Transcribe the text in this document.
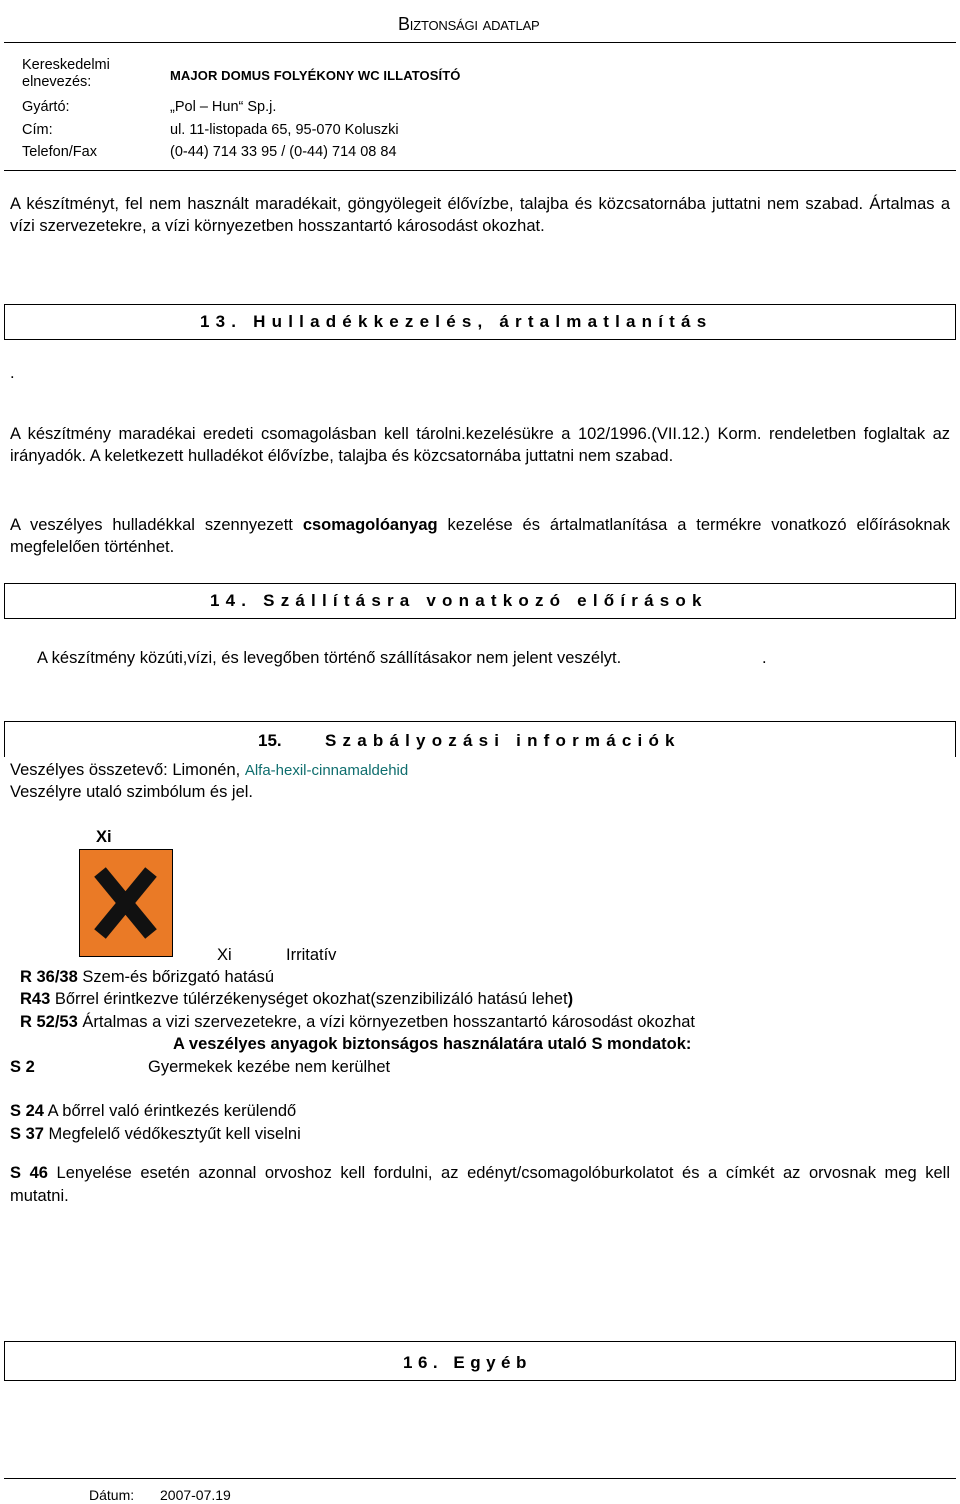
Biztonsági adatlap
Kereskedelmi
elnevezés:	MAJOR DOMUS FOLYÉKONY WC ILLATOSÍTÓ
Gyártó:	„Pol – Hun“ Sp.j.
Cím:	ul. 11-listopada 65, 95-070 Koluszki
Telefon/Fax	(0-44) 714 33 95 / (0-44) 714 08 84

A készítményt, fel nem használt maradékait, göngyölegeit élővízbe, talajba és közcsatornába juttatni nem szabad. Ártalmas a vízi szervezetekre, a vízi környezetben hosszantartó károsodást okozhat.

13. Hulladékkezelés, ártalmatlanítás
.

A készítmény maradékai eredeti csomagolásban kell tárolni.kezelésükre a 102/1996.(VII.12.) Korm. rendeletben foglaltak az irányadók. A keletkezett hulladékot élővízbe, talajba és közcsatornába juttatni nem szabad.

A veszélyes hulladékkal szennyezett csomagolóanyag kezelése és ártalmatlanítása a termékre vonatkozó előírásoknak megfelelően történhet.

14. Szállításra vonatkozó előírások
A készítmény közúti,vízi, és levegőben történő szállításakor nem jelent veszélyt.	.
15.	Szabályozási információk
Veszélyes összetevő: Limonén, Alfa-hexil-cinnamaldehid
Veszélyre utaló szimbólum és jel.
Xi
Xi	Irritatív
R 36/38 Szem-és bőrizgató hatású
R43 Bőrrel érintkezve túlérzékenységet okozhat(szenzibilizáló hatású lehet)
R 52/53 Ártalmas a vizi szervezetekre, a vízi környezetben hosszantartó károsodást okozhat
A veszélyes anyagok biztonságos használatára utaló S mondatok:
S 2	Gyermekek kezébe nem kerülhet
S 24 A bőrrel való érintkezés kerülendő
S 37 Megfelelő védőkesztyűt kell viselni

S 46 Lenyelése esetén azonnal orvoshoz kell fordulni, az edényt/csomagolóburkolatot és a címkét az orvosnak meg kell mutatni.

16. Egyéb
Dátum: 2007-07.19
